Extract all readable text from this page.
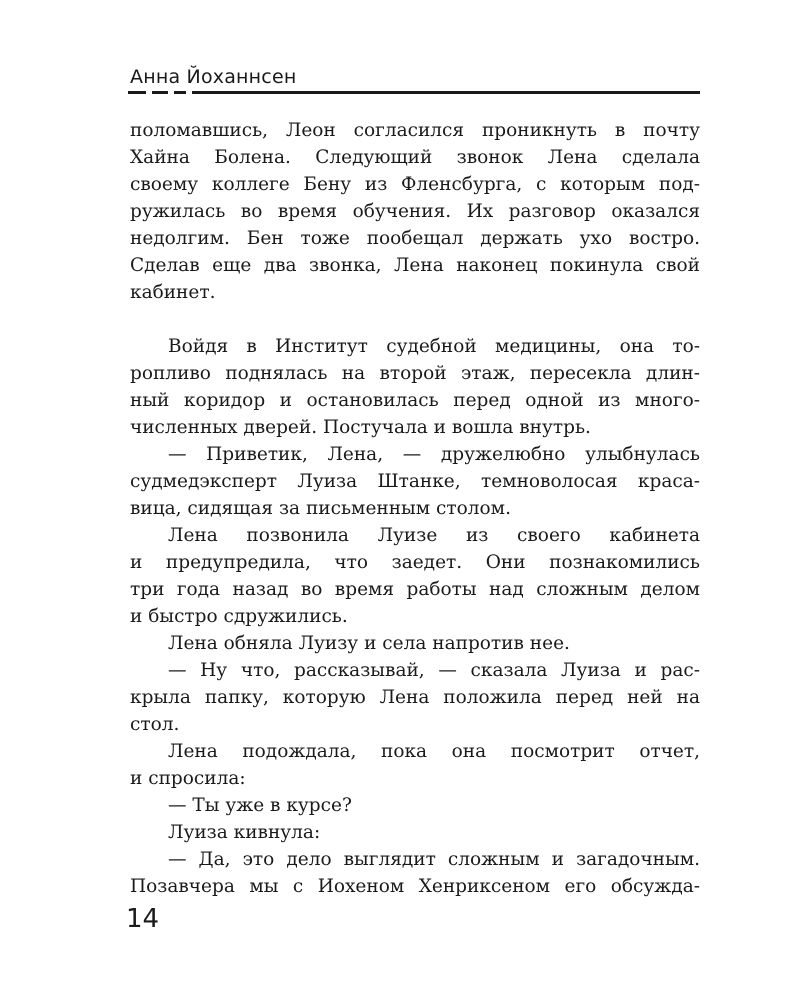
Анна Йоханнсен

поломавшись, Леон согласился проникнуть в почту

Хайна Болена. Следующий звонок Лена сделала

своему коллеге Бену из Фленсбурга, с которым под-

ружилась во время обучения. Их разговор оказался

недолгим. Бен тоже пообещал держать ухо востро.

Сделав еще два звонка, Лена наконец покинула свой

кабинет.

Войдя в Институт судебной медицины, она то-

ропливо поднялась на второй этаж, пересекла длин-

ный коридор и остановилась перед одной из много-

численных дверей. Постучала и вошла внутрь.

— Приветик, Лена, — дружелюбно улыбнулась

судмедэксперт Луиза Штанке, темноволосая краса-

вица, сидящая за письменным столом.

Лена позвонила Луизе из своего кабинета

и предупредила, что заедет. Они познакомились

три года назад во время работы над сложным делом

и быстро сдружились.

Лена обняла Луизу и села напротив нее.

— Ну что, рассказывай, — сказала Луиза и рас-

крыла папку, которую Лена положила перед ней на

стол.

Лена подождала, пока она посмотрит отчет,

и спросила:

— Ты уже в курсе?

Луиза кивнула:

— Да, это дело выглядит сложным и загадочным.

Позавчера мы с Иохеном Хенриксеном его обсужда-

14
